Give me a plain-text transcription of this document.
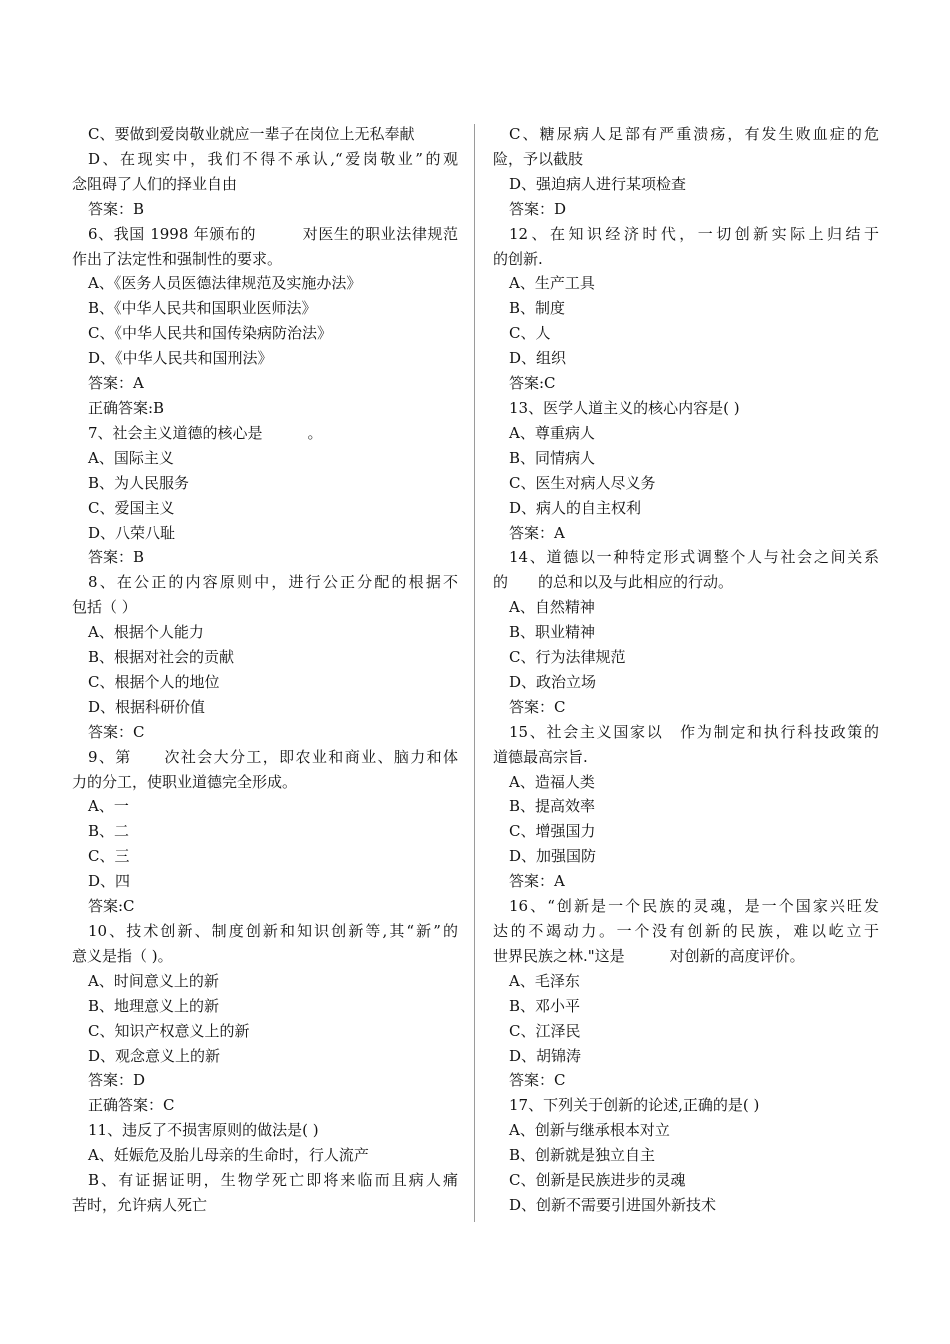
C、要做到爱岗敬业就应一辈子在岗位上无私奉献
D、在现实中，我们不得不承认,“爱岗敬业”的观
念阻碍了人们的择业自由
答案：B
6、我国 1998 年颁布的　　　对医生的职业法律规范
作出了法定性和强制性的要求。
A、《医务人员医德法律规范及实施办法》
B、《中华人民共和国职业医师法》
C、《中华人民共和国传染病防治法》
D、《中华人民共和国刑法》
答案：A
正确答案:B
7、社会主义道德的核心是　　　。
A、国际主义
B、为人民服务
C、爱国主义
D、八荣八耻
答案：B
8、在公正的内容原则中，进行公正分配的根据不
包括（ ）
A、根据个人能力
B、根据对社会的贡献
C、根据个人的地位
D、根据科研价值
答案：C
9、第　　次社会大分工，即农业和商业、脑力和体
力的分工，使职业道德完全形成。
A、一
B、二
C、三
D、四
答案:C
10、技术创新、制度创新和知识创新等,其“新”的
意义是指（ )。
A、时间意义上的新
B、地理意义上的新
C、知识产权意义上的新
D、观念意义上的新
答案：D
正确答案：C
11、违反了不损害原则的做法是( )
A、妊娠危及胎儿母亲的生命时，行人流产
B、有证据证明，生物学死亡即将来临而且病人痛
苦时，允许病人死亡
C、糖尿病人足部有严重溃疡，有发生败血症的危
险，予以截肢
D、强迫病人进行某项检查
答案：D
12、在知识经济时代，一切创新实际上归结于
的创新.
A、生产工具
B、制度
C、人
D、组织
答案:C
13、医学人道主义的核心内容是( )
A、尊重病人
B、同情病人
C、医生对病人尽义务
D、病人的自主权利
答案：A
14、道德以一种特定形式调整个人与社会之间关系
的　　的总和以及与此相应的行动。
A、自然精神
B、职业精神
C、行为法律规范
D、政治立场
答案：C
15、社会主义国家以　作为制定和执行科技政策的
道德最高宗旨.
A、造福人类
B、提高效率
C、增强国力
D、加强国防
答案：A
16、“创新是一个民族的灵魂，是一个国家兴旺发
达的不竭动力。一个没有创新的民族，难以屹立于
世界民族之林."这是　　　对创新的高度评价。
A、毛泽东
B、邓小平
C、江泽民
D、胡锦涛
答案：C
17、下列关于创新的论述,正确的是( )
A、创新与继承根本对立
B、创新就是独立自主
C、创新是民族进步的灵魂
D、创新不需要引进国外新技术
